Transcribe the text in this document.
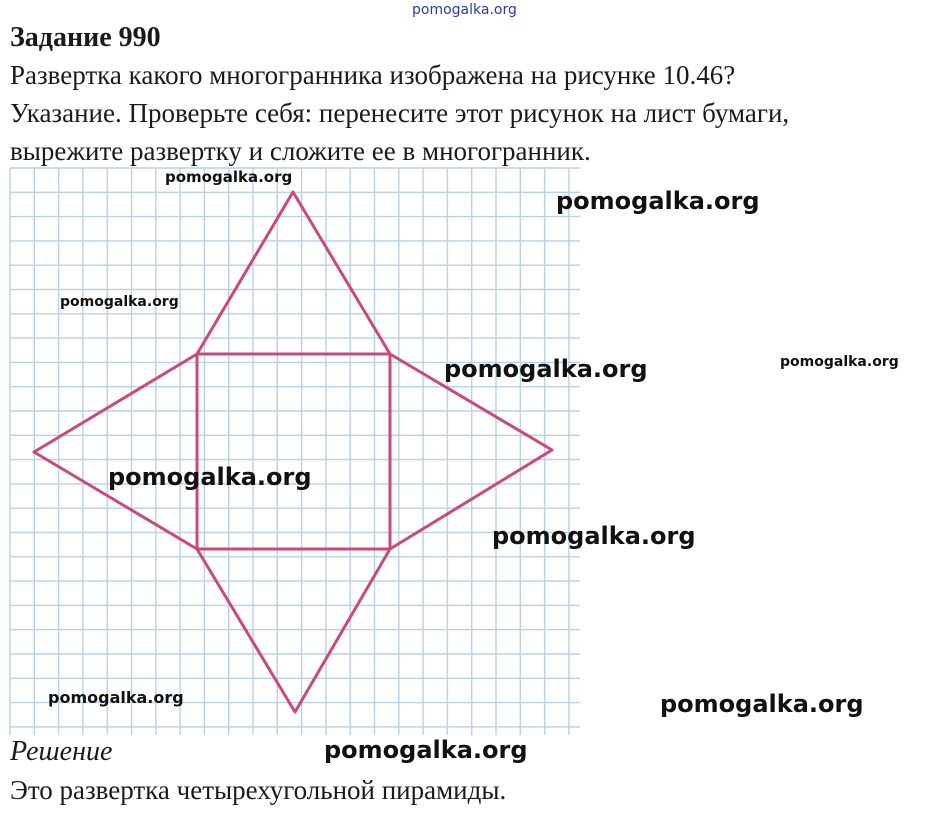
pomogalka.org
Задание 990
Развертка какого многогранника изображена на рисунке 10.46?
Указание. Проверьте себя: перенесите этот рисунок на лист бумаги,
вырежите развертку и сложите ее в многогранник.
pomogalka.org
pomogalka.org
pomogalka.org
pomogalka.org	pomogalka.org
pomogalka.org
pomogalka.org
pomogalka.org	pomogalka.org
pomogalka.org
Решение
Это развертка четырехугольной пирамиды.
